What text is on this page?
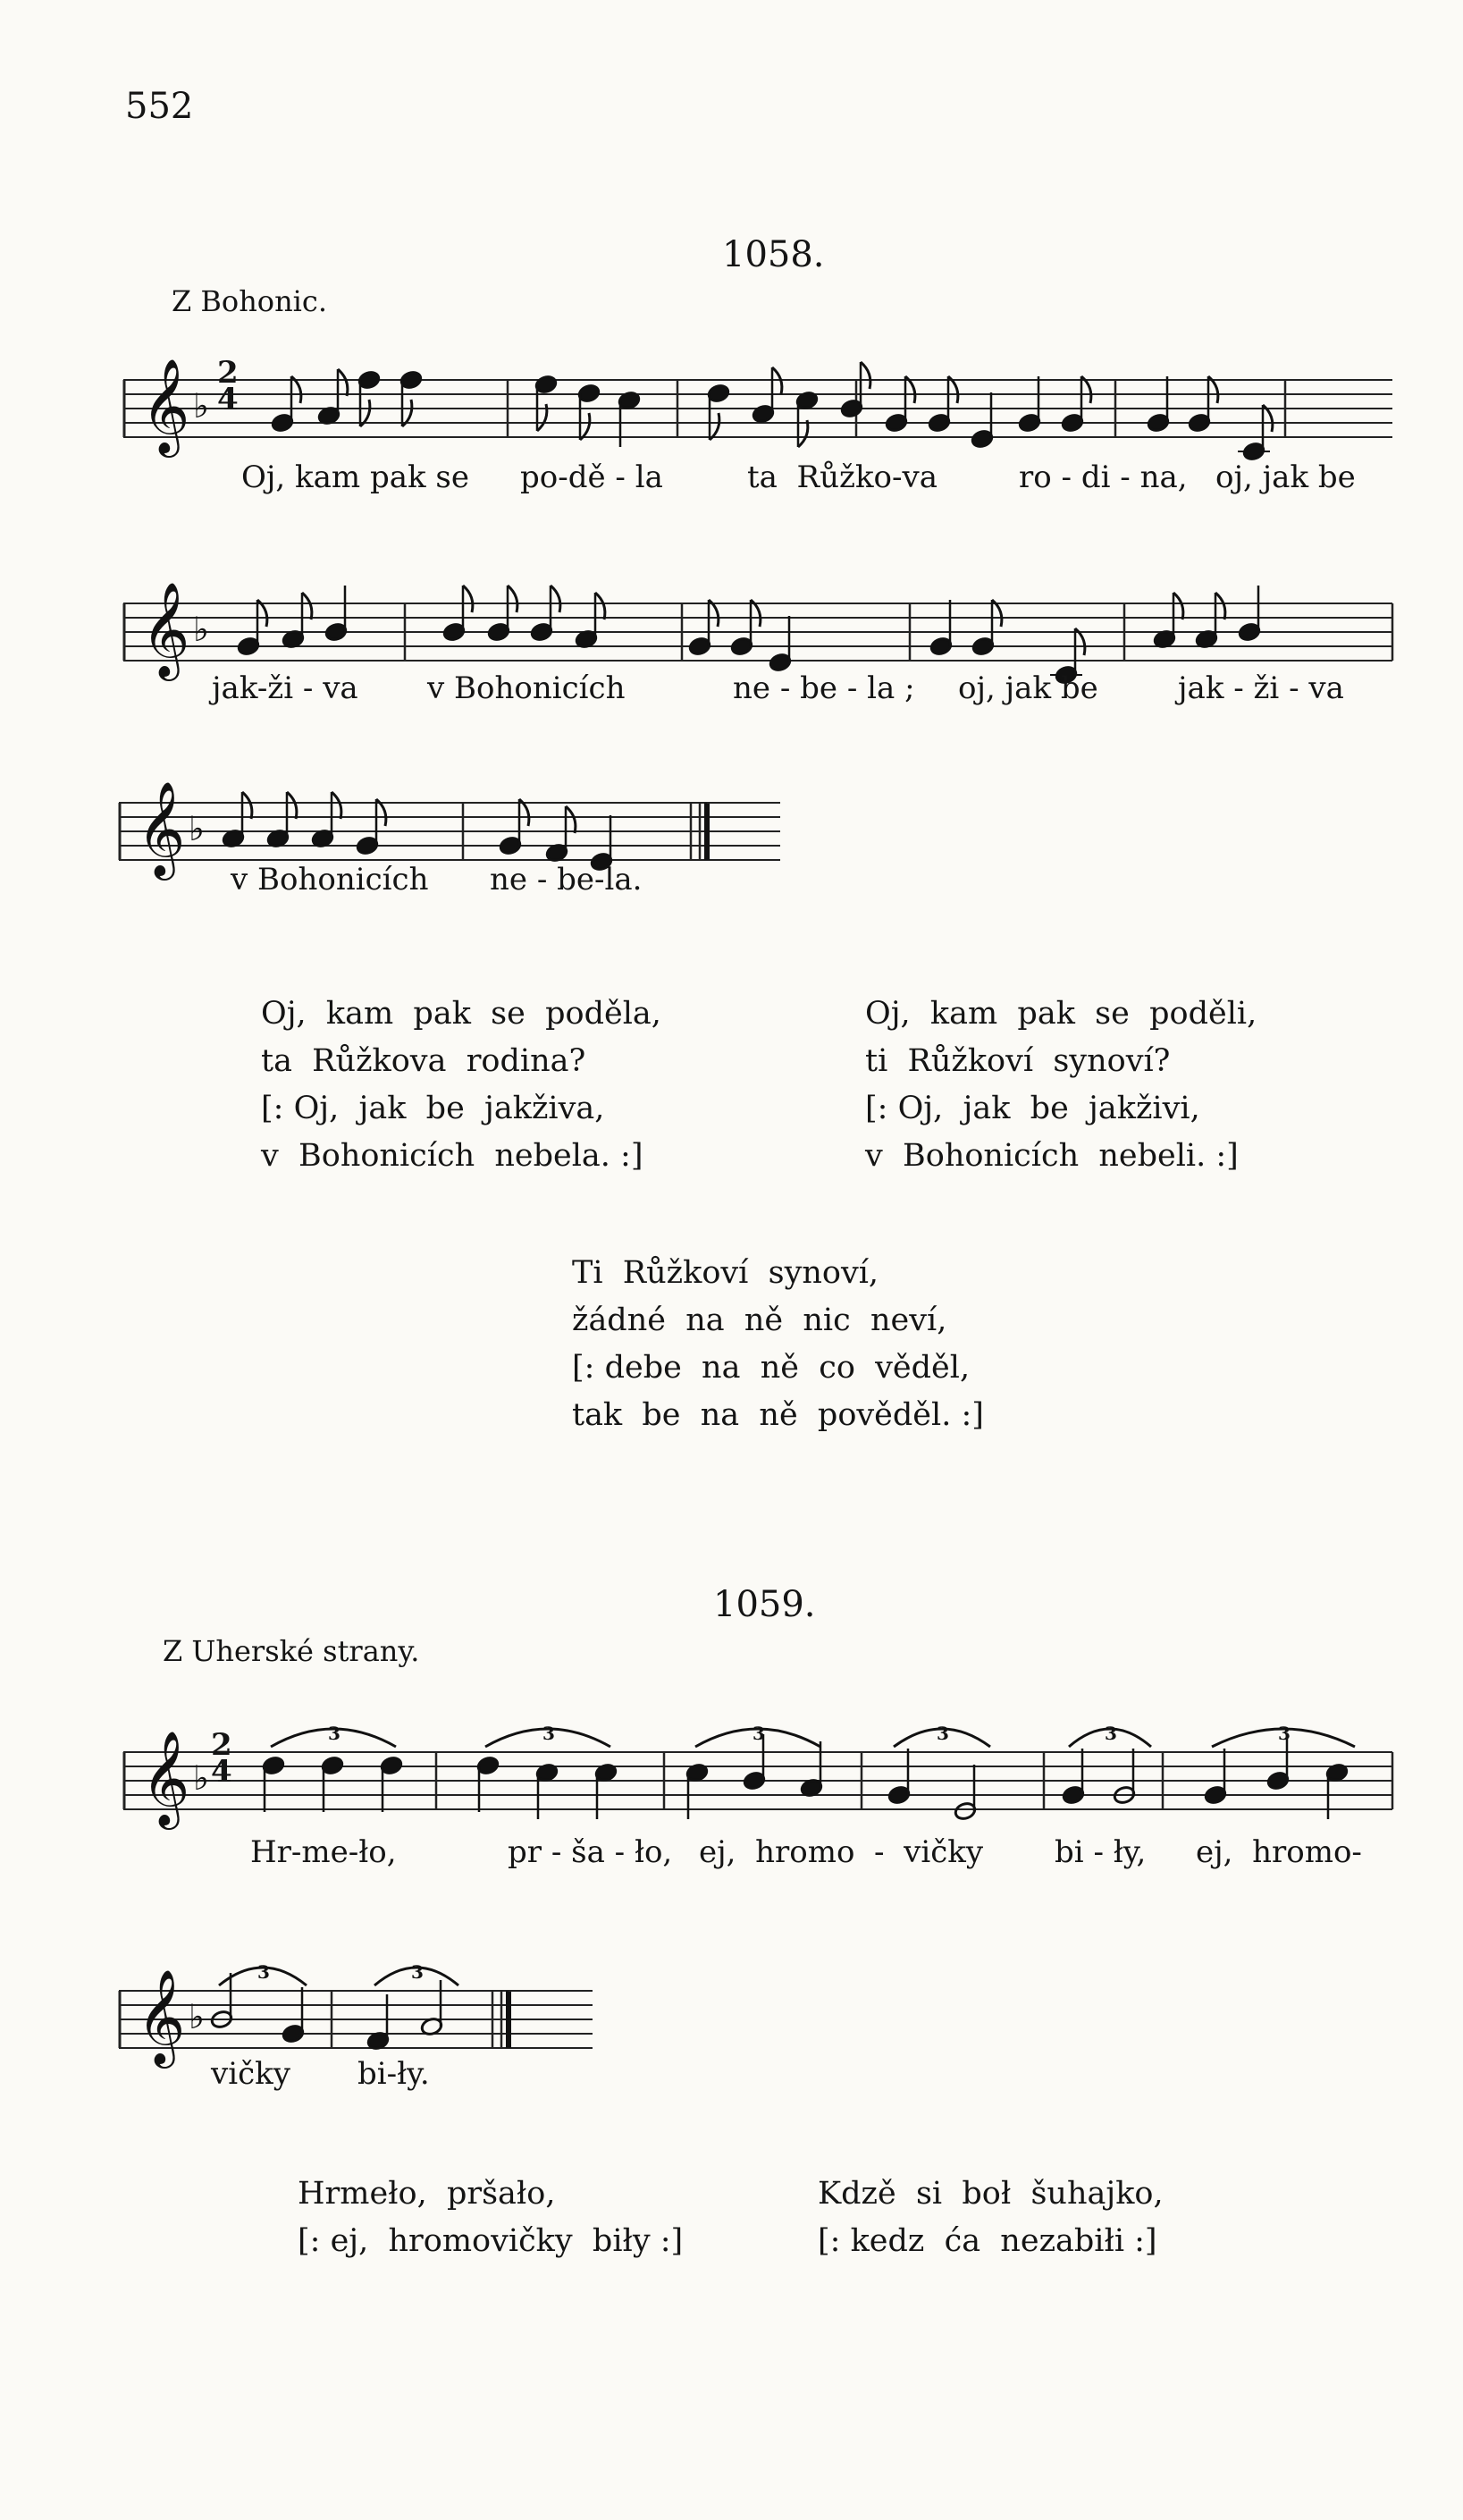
552
1058.
Z Bohonic.
𝄞 ♭
Oj, kam pak se po-dě - la	ta  Růžko-va	ro - di - na, oj, jak be
2
4
𝄞 ♭
jak-ži - va v Bohonicích	ne - be - la ; oj, jak be	jak - ži - va
𝄞 ♭
v Bohonicích ne - be-la.
Oj,  kam  pak  se  poděla,
ta  Růžkova  rodina?
[: Oj,  jak  be  jakživa,
v  Bohonicích  nebela. :]
Oj,  kam  pak  se  poděli,
ti  Růžkoví  synoví?
[: Oj,  jak  be  jakživi,
v  Bohonicích  nebeli. :]
Ti  Růžkoví  synoví,
žádné  na  ně  nic  neví,
[: debe  na  ně  co  věděl,
tak  be  na  ně  pověděl. :]
1059.
Z Uherské strany.
𝄞 ♭
3	3	3	3	3	3
Hr-me-ło,	pr - ša - ło, ej,  hromo  -  vičky bi - ły, ej,  hromo-
2
4
𝄞 ♭
3	3
vičky bi-ły.
Hrmeło,  pršało,
[: ej,  hromovičky  biły :]
Kdzě  si  boł  šuhajko,
[: kedz  ća  nezabiłi :]
